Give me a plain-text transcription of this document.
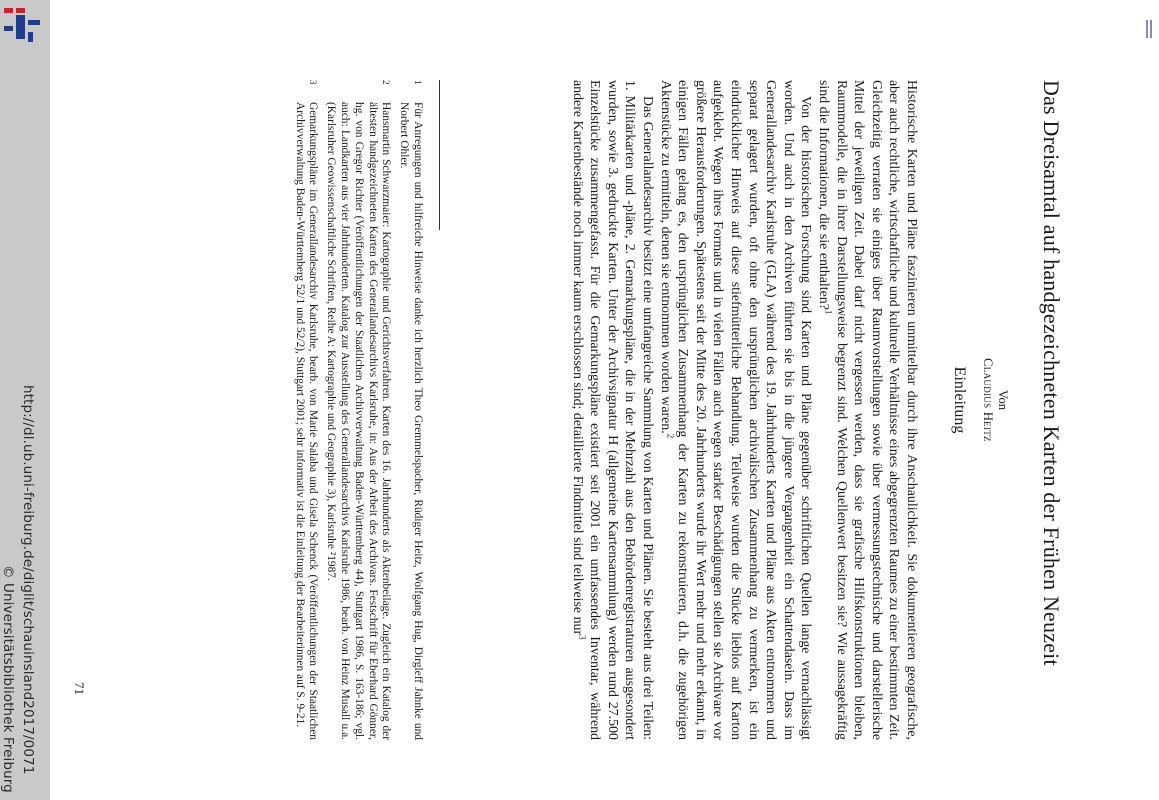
http://dl.ub.uni-freiburg.de/diglit/schauinsland2017/0071
© Universitätsbibliothek Freiburg
Das Dreisamtal auf handgezeichneten Karten der Frühen Neuzeit
Von
Claudius Heitz
Einleitung

Historische Karten und Pläne faszinieren unmittelbar durch ihre Anschaulichkeit. Sie dokumentieren geografische, aber auch rechtliche, wirtschaftliche und kulturelle Verhältnisse eines abgegrenzten Raumes zu einer bestimmten Zeit. Gleichzeitig verraten sie einiges über Raumvorstellungen sowie über vermessungstechnische und darstellerische Mittel der jeweiligen Zeit. Dabei darf nicht vergessen werden, dass sie grafische Hilfskonstruktionen bleiben, Raummodelle, die in ihrer Darstellungsweise begrenzt sind. Welchen Quellenwert besitzen sie? Wie aussagekräftig sind die Informationen, die sie enthalten?$^1$

Von der historischen Forschung sind Karten und Pläne gegenüber schriftlichen Quellen lange vernachlässigt worden. Und auch in den Archiven führten sie bis in die jüngere Vergangenheit ein Schattendasein. Dass im Generallandesarchiv Karlsruhe (GLA) während des 19. Jahrhunderts Karten und Pläne aus Akten entnommen und separat gelagert wurden, oft ohne den ursprünglichen archivalischen Zusammenhang zu vermerken, ist ein eindrücklicher Hinweis auf diese stiefmütterliche Behandlung. Teilweise wurden die Stücke lieblos auf Karton aufgeklebt. Wegen ihres Formats und in vielen Fällen auch wegen starker Beschädigungen stellen sie Archivare vor größere Herausforderungen. Spätestens seit der Mitte des 20. Jahrhunderts wurde ihr Wert mehr und mehr erkannt, in einigen Fällen gelang es, den ursprünglichen Zusammenhang der Karten zu rekonstruieren, d.h. die zugehörigen Aktenstücke zu ermitteln, denen sie entnommen worden waren.$^2$

Das Generallandesarchiv besitzt eine umfangreiche Sammlung von Karten und Plänen. Sie besteht aus drei Teilen: 1. Militärkarten und -pläne, 2. Gemarkungspläne, die in der Mehrzahl aus den Behördenregistraturen ausgesondert wurden, sowie 3. gedruckte Karten. Unter der Archivsignatur H (allgemeine Kartensammlung) werden rund 27.500 Einzelstücke zusammengefasst. Für die Gemarkungspläne existiert seit 2001 ein umfassendes Inventar, während andere Kartenbestände noch immer kaum erschlossen sind; detaillierte Findmittel sind teilweise nur$^3$

1
Für Anregungen und hilfreiche Hinweise danke ich herzlich Theo Gremmelspacher, Rüdiger Heitz, Wolfgang Hug, Dirgleff Jahnke und Norbert Ohler.
2
Hansmartin Schwarzmaier: Kartographie und Gerichtsverfahren. Karten des 16. Jahrhunderts als Aktenbeilage. Zugleich ein Katalog der ältesten handgezeichneten Karten des Generallandesarchivs Karlsruhe, in: Aus der Arbeit des Archivars. Festschrift für Eberhard Gönner, hg. von Gregor Richter (Veröffentlichungen der Staatlichen Archivverwaltung Baden-Württemberg 44), Stuttgart 1986, S. 163-186; vgl. auch: Landkarten aus vier Jahrhunderten. Katalog zur Ausstellung des Generallandesarchivs Karlsruhe 1986, bearb. von Heinz Musall u.a. (Karlsruher Geowissenschaftliche Schriften, Reihe A: Kartographie und Geographie 3), Karlsruhe ²1987.
3
Gemarkungspläne im Generallandesarchiv Karlsruhe, bearb. von Marie Salaba und Gisela Schenck (Veröffentlichungen der Staatlichen Archivverwaltung Baden-Württemberg 52/1 und 52/2), Stuttgart 2001; sehr informativ ist die Einleitung der Bearbeiterinnen auf S. 9-21.
71
